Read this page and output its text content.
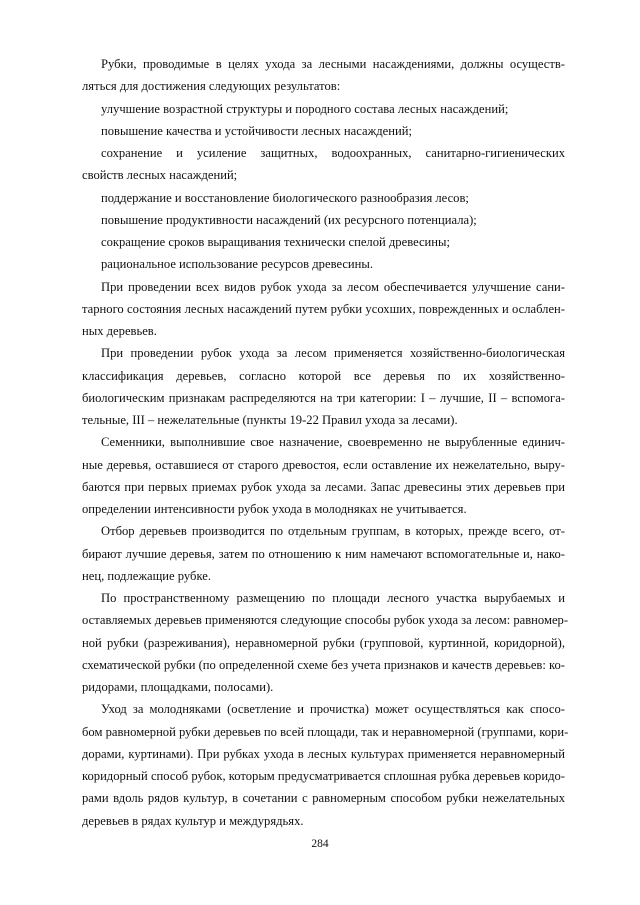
Рубки, проводимые в целях ухода за лесными насаждениями, должны осуществ-
ляться для достижения следующих результатов:
улучшение возрастной структуры и породного состава лесных насаждений;
повышение качества и устойчивости лесных насаждений;
сохранение и усиление защитных, водоохранных, санитарно-гигиенических
свойств лесных насаждений;
поддержание и восстановление биологического разнообразия лесов;
повышение продуктивности насаждений (их ресурсного потенциала);
сокращение сроков выращивания технически спелой древесины;
рациональное использование ресурсов древесины.
При проведении всех видов рубок ухода за лесом обеспечивается улучшение сани-
тарного состояния лесных насаждений путем рубки усохших, поврежденных и ослаблен-
ных деревьев.
При проведении рубок ухода за лесом применяется хозяйственно-биологическая
классификация деревьев, согласно которой все деревья по их хозяйственно-
биологическим признакам распределяются на три категории: I – лучшие, II – вспомога-
тельные, III – нежелательные (пункты 19-22 Правил ухода за лесами).
Семенники, выполнившие свое назначение, своевременно не вырубленные единич-
ные деревья, оставшиеся от старого древостоя, если оставление их нежелательно, выру-
баются при первых приемах рубок ухода за лесами. Запас древесины этих деревьев при
определении интенсивности рубок ухода в молодняках не учитывается.
Отбор деревьев производится по отдельным группам, в которых, прежде всего, от-
бирают лучшие деревья, затем по отношению к ним намечают вспомогательные и, нако-
нец, подлежащие рубке.
По пространственному размещению по площади лесного участка вырубаемых и
оставляемых деревьев применяются следующие способы рубок ухода за лесом: равномер-
ной рубки (разреживания), неравномерной рубки (групповой, куртинной, коридорной),
схематической рубки (по определенной схеме без учета признаков и качеств деревьев: ко-
ридорами, площадками, полосами).
Уход за молодняками (осветление и прочистка) может осуществляться как спосо-
бом равномерной рубки деревьев по всей площади, так и неравномерной (группами, кори-
дорами, куртинами). При рубках ухода в лесных культурах применяется неравномерный
коридорный способ рубок, которым предусматривается сплошная рубка деревьев коридо-
рами вдоль рядов культур, в сочетании с равномерным способом рубки нежелательных
деревьев в рядах культур и междурядьях.
284
